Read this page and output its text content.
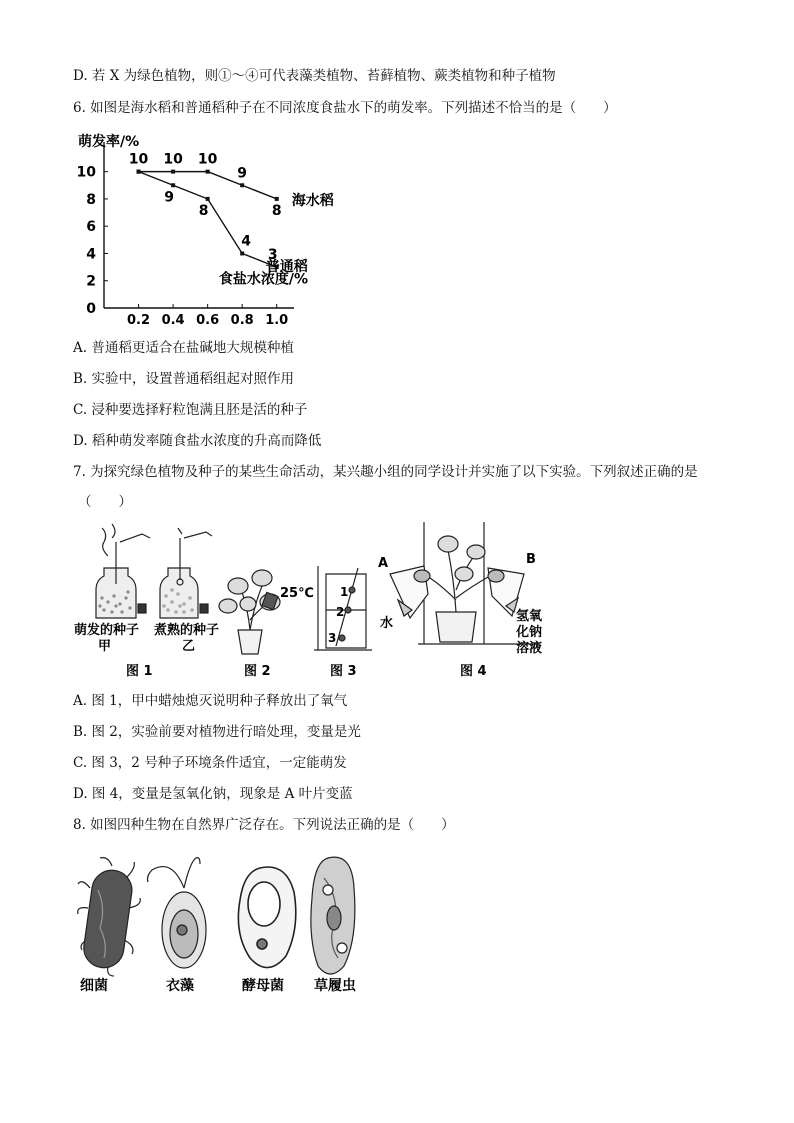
D. 若 X 为绿色植物，则①～④可代表藻类植物、苔藓植物、蕨类植物和种子植物
6. 如图是海水稻和普通稻种子在不同浓度食盐水下的萌发率。下列描述不恰当的是（　　）
萌发率/%
0
2
4
6
8
10
0.2 0.4 0.6 0.8 1.0
食盐水浓度/%
10 10 10
9
8
海水稻
9
8
4
3
普通稻
A. 普通稻更适合在盐碱地大规模种植
B. 实验中，设置普通稻组起对照作用
C. 浸种要选择籽粒饱满且胚是活的种子
D. 稻种萌发率随食盐水浓度的升高而降低
7. 为探究绿色植物及种子的某些生命活动，某兴趣小组的同学设计并实施了以下实验。下列叙述正确的是
（　　）
萌发的种子 煮熟的种子
甲	乙
图 1
25℃
图 2
1
2
3
图 3
A	B
水	氢氧
化钠
溶液
图 4
A. 图 1，甲中蜡烛熄灭说明种子释放出了氧气
B. 图 2，实验前要对植物进行暗处理，变量是光
C. 图 3，2 号种子环境条件适宜，一定能萌发
D. 图 4，变量是氢氧化钠，现象是 A 叶片变蓝
8. 如图四种生物在自然界广泛存在。下列说法正确的是（　　）
细菌	衣藻	酵母菌 草履虫
